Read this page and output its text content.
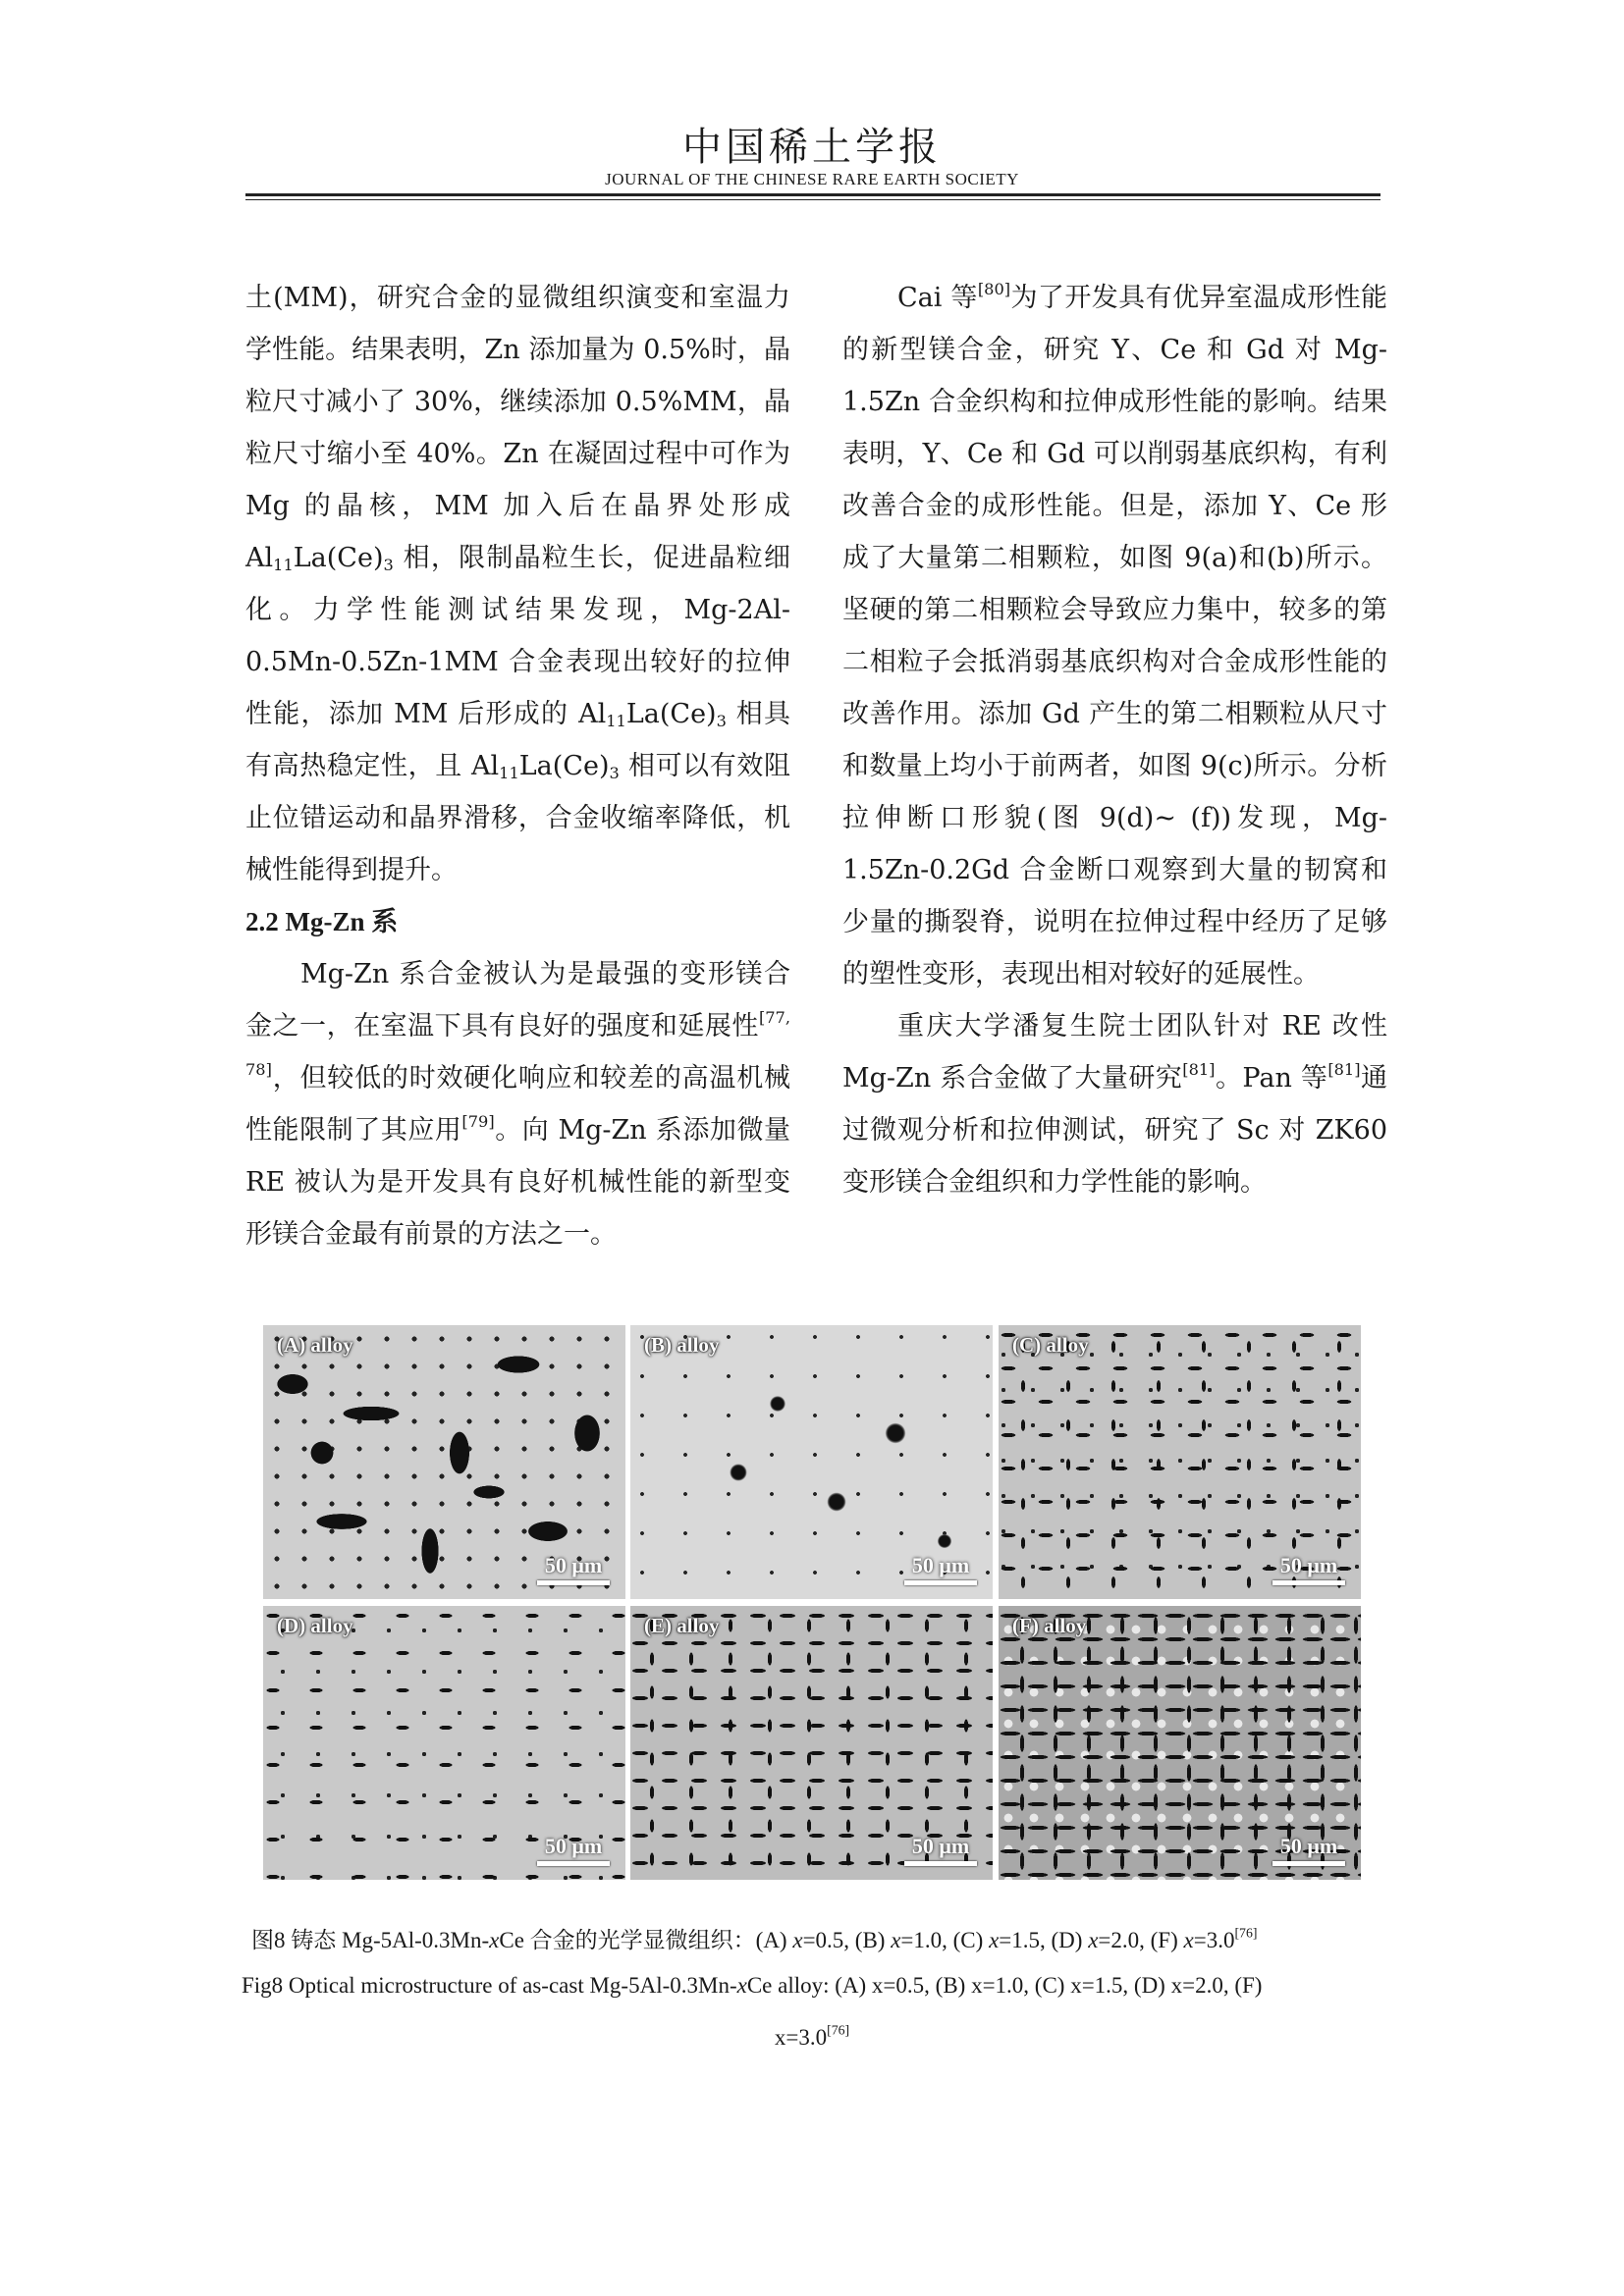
中国稀土学报
JOURNAL OF THE CHINESE RARE EARTH SOCIETY

土(MM)，研究合金的显微组织演变和室温力学性能。结果表明，Zn 添加量为 0.5%时，晶粒尺寸减小了 30%，继续添加 0.5%MM，晶粒尺寸缩小至 40%。Zn 在凝固过程中可作为 Mg 的晶核，MM 加入后在晶界处形成 $Al_{11}La(Ce)_3$ 相，限制晶粒生长，促进晶粒细化。力学性能测试结果发现，Mg-2Al-0.5Mn-0.5Zn-1MM 合金表现出较好的拉伸性能，添加 MM 后形成的 $Al_{11}La(Ce)_3$ 相具有高热稳定性，且 $Al_{11}La(Ce)_3$ 相可以有效阻止位错运动和晶界滑移，合金收缩率降低，机械性能得到提升。

2.2 Mg-Zn 系

Mg-Zn 系合金被认为是最强的变形镁合金之一，在室温下具有良好的强度和延展性[77, 78]，但较低的时效硬化响应和较差的高温机械性能限制了其应用[79]。向 Mg-Zn 系添加微量 RE 被认为是开发具有良好机械性能的新型变形镁合金最有前景的方法之一。

Cai 等[80]为了开发具有优异室温成形性能的新型镁合金，研究 Y、Ce 和 Gd 对 Mg-1.5Zn 合金织构和拉伸成形性能的影响。结果表明，Y、Ce 和 Gd 可以削弱基底织构，有利改善合金的成形性能。但是，添加 Y、Ce 形成了大量第二相颗粒，如图 9(a)和(b)所示。坚硬的第二相颗粒会导致应力集中，较多的第二相粒子会抵消弱基底织构对合金成形性能的改善作用。添加 Gd 产生的第二相颗粒从尺寸和数量上均小于前两者，如图 9(c)所示。分析拉伸断口形貌(图 9(d)~ (f))发现，Mg-1.5Zn-0.2Gd 合金断口观察到大量的韧窝和少量的撕裂脊，说明在拉伸过程中经历了足够的塑性变形，表现出相对较好的延展性。

重庆大学潘复生院士团队针对 RE 改性 Mg-Zn 系合金做了大量研究[81]。Pan 等[81]通过微观分析和拉伸测试，研究了 Sc 对 ZK60 变形镁合金组织和力学性能的影响。

(A) alloy
50 μm
(B) alloy
50 μm
(C) alloy
50 μm
(D) alloy
50 μm
(E) alloy
50 μm
(F) alloy
50 μm
图8 铸态 Mg-5Al-0.3Mn-xCe 合金的光学显微组织：(A) x=0.5, (B) x=1.0, (C) x=1.5, (D) x=2.0, (F) x=3.0[76]
Fig8 Optical microstructure of as-cast Mg-5Al-0.3Mn-xCe alloy: (A) x=0.5, (B) x=1.0, (C) x=1.5, (D) x=2.0, (F)
x=3.0[76]
